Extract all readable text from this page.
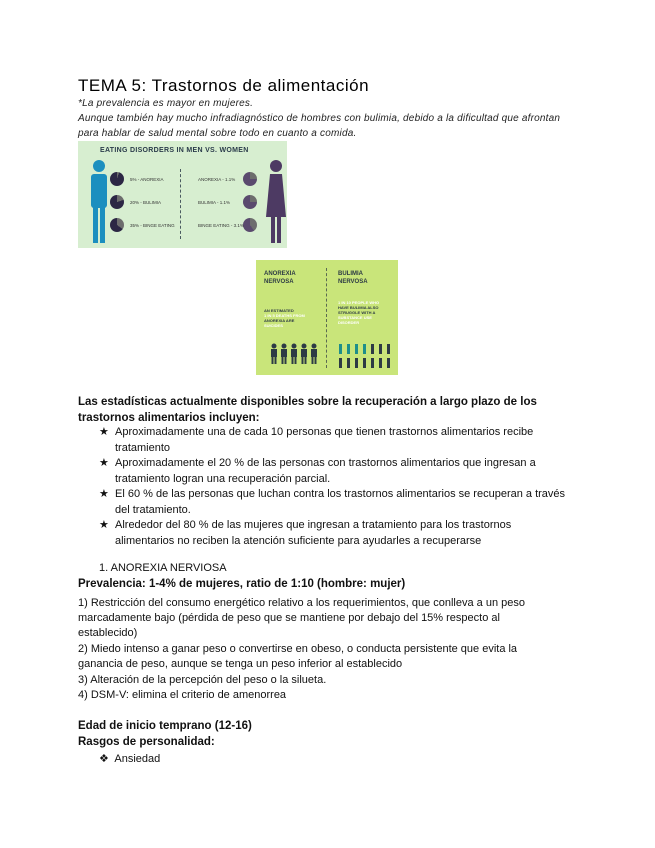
TEMA 5: Trastornos de alimentación
*La prevalencia es mayor en mujeres.
Aunque también hay mucho infradiagnóstico de hombres con bulimia, debido a la dificultad que afrontan
para hablar de salud mental sobre todo en cuanto a comida.
EATING DISORDERS IN MEN VS. WOMEN
5% - ANOREXIA
20% - BULIMIA
35% - BINGE EATING
ANOREXIA - 1.1%
BULIMIA - 1.1%
BINGE EATING - 3.1%
ANOREXIA
NERVOSA
BULIMIA
NERVOSA
AN ESTIMATED
1 IN 5 DEATHS FROM
ANOREXIA ARE
SUICIDES
1 IN 10 PEOPLE WHO
HAVE BULIMIA ALSO
STRUGGLE WITH A
SUBSTANCE USE
DISORDER
Las estadísticas actualmente disponibles sobre la recuperación a largo plazo de los trastornos alimentarios incluyen:
★ Aproximadamente una de cada 10 personas que tienen trastornos alimentarios recibe tratamiento
★ Aproximadamente el 20 % de las personas con trastornos alimentarios que ingresan a tratamiento logran una recuperación parcial.
★ El 60 % de las personas que luchan contra los trastornos alimentarios se recuperan a través del tratamiento.
★ Alrededor del 80 % de las mujeres que ingresan a tratamiento para los trastornos alimentarios no reciben la atención suficiente para ayudarles a recuperarse
1. ANOREXIA NERVIOSA
Prevalencia: 1-4% de mujeres, ratio de 1:10 (hombre: mujer)
1) Restricción del consumo energético relativo a los requerimientos, que conlleva a un peso
marcadamente bajo (pérdida de peso que se mantiene por debajo del 15% respecto al
establecido)
2) Miedo intenso a ganar peso o convertirse en obeso, o conducta persistente que evita la
ganancia de peso, aunque se tenga un peso inferior al establecido
3) Alteración de la percepción del peso o la silueta.
4) DSM-V: elimina el criterio de amenorrea
Edad de inicio temprano (12-16)
Rasgos de personalidad:
❖ Ansiedad
